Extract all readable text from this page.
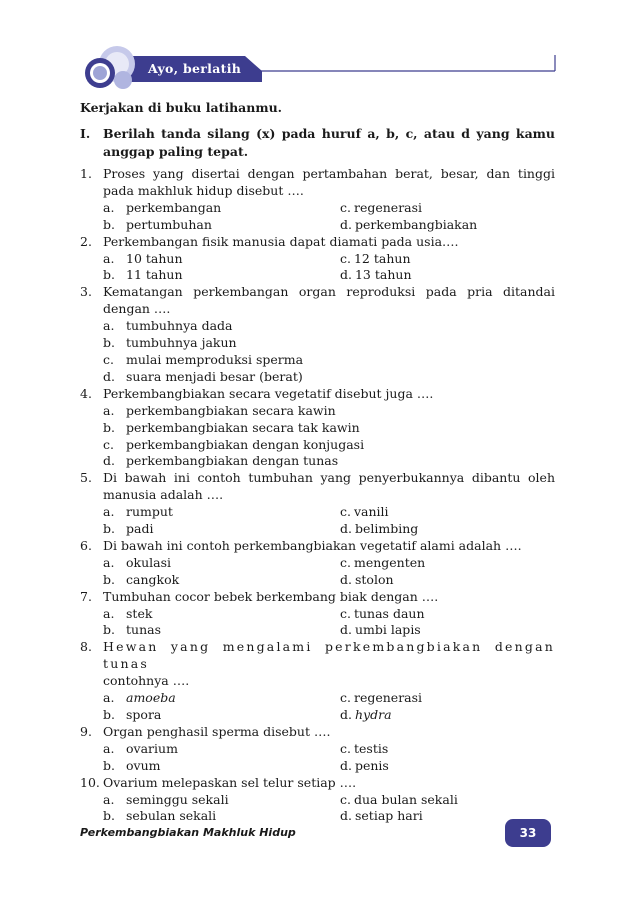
Ayo, berlatih
Kerjakan di buku latihanmu.
I. Berilah tanda silang (x) pada huruf a, b, c, atau d yang kamu anggap paling tepat.
1. Proses yang disertai dengan pertambahan berat, besar, dan tinggi pada makhluk hidup disebut ….
a. perkembangan	c. regenerasi
b. pertumbuhan	d. perkembangbiakan
2. Perkembangan fisik manusia dapat diamati pada usia….
a. 10 tahun	c. 12 tahun
b. 11 tahun	d. 13 tahun
3. Kematangan perkembangan organ reproduksi pada pria ditandai dengan ….
a. tumbuhnya dada
b. tumbuhnya jakun
c. mulai memproduksi sperma
d. suara menjadi besar (berat)
4. Perkembangbiakan secara vegetatif disebut juga ….
a. perkembangbiakan secara kawin
b. perkembangbiakan secara tak kawin
c. perkembangbiakan dengan konjugasi
d. perkembangbiakan dengan tunas
5. Di bawah ini contoh tumbuhan yang penyerbukannya dibantu oleh manusia adalah ….
a. rumput	c. vanili
b. padi	d. belimbing
6. Di bawah ini contoh perkembangbiakan vegetatif alami adalah ….
a. okulasi	c. mengenten
b. cangkok	d. stolon
7. Tumbuhan cocor bebek berkembang biak dengan ….
a. stek	c. tunas daun
b. tunas	d. umbi lapis
8. Hewan yang mengalami perkembangbiakan dengan tunas
contohnya ….
a. amoeba	c. regenerasi
b. spora	d. hydra
9. Organ penghasil sperma disebut ….
a. ovarium	c. testis
b. ovum	d. penis
10. Ovarium melepaskan sel telur setiap ….
a. seminggu sekali	c. dua bulan sekali
b. sebulan sekali	d. setiap hari
Perkembangbiakan Makhluk Hidup	33
